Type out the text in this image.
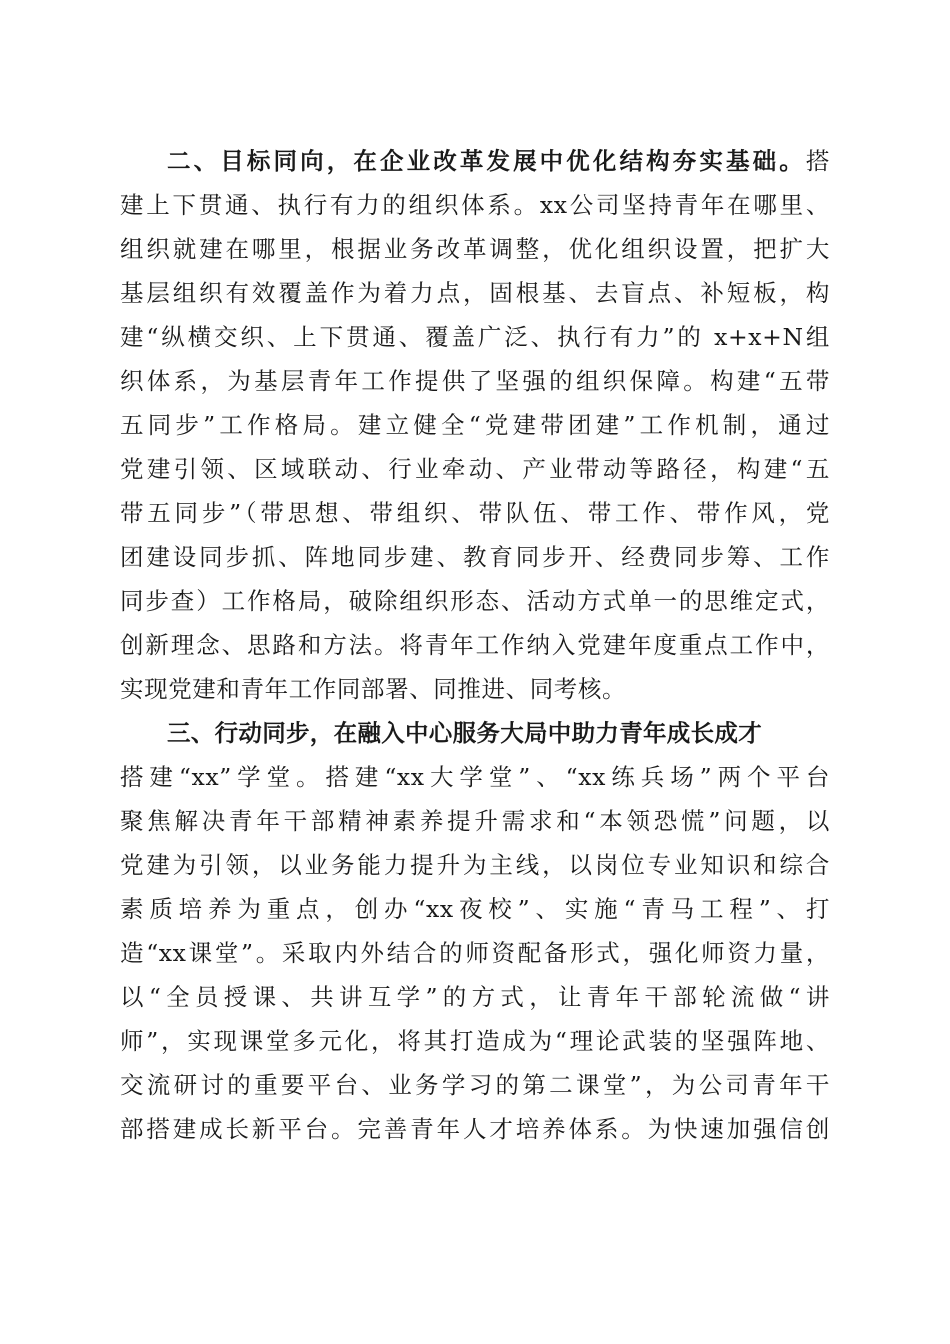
二、目标同向，在企业改革发展中优化结构夯实基础。搭
建上下贯通、执行有力的组织体系。xx公司坚持青年在哪里、
组织就建在哪里，根据业务改革调整，优化组织设置，把扩大
基层组织有效覆盖作为着力点，固根基、去盲点、补短板，构
建“纵横交织、上下贯通、覆盖广泛、执行有力”的 x+x+N组
织体系，为基层青年工作提供了坚强的组织保障。构建“五带
五同步”工作格局。建立健全“党建带团建”工作机制，通过
党建引领、区域联动、行业牵动、产业带动等路径，构建“五
带五同步”（带思想、带组织、带队伍、带工作、带作风，党
团建设同步抓、阵地同步建、教育同步开、经费同步筹、工作
同步查）工作格局，破除组织形态、活动方式单一的思维定式，
创新理念、思路和方法。将青年工作纳入党建年度重点工作中，
实现党建和青年工作同部署、同推进、同考核。
三、行动同步，在融入中心服务大局中助力青年成长成才
搭建“xx”学堂。搭建“xx大学堂”、“xx练兵场”两个平台
聚焦解决青年干部精神素养提升需求和“本领恐慌”问题，以
党建为引领，以业务能力提升为主线，以岗位专业知识和综合
素质培养为重点，创办“xx夜校”、实施“青马工程”、打
造“xx课堂”。采取内外结合的师资配备形式，强化师资力量，
以“全员授课、共讲互学”的方式，让青年干部轮流做“讲
师”，实现课堂多元化，将其打造成为“理论武装的坚强阵地、
交流研讨的重要平台、业务学习的第二课堂”，为公司青年干
部搭建成长新平台。完善青年人才培养体系。为快速加强信创
